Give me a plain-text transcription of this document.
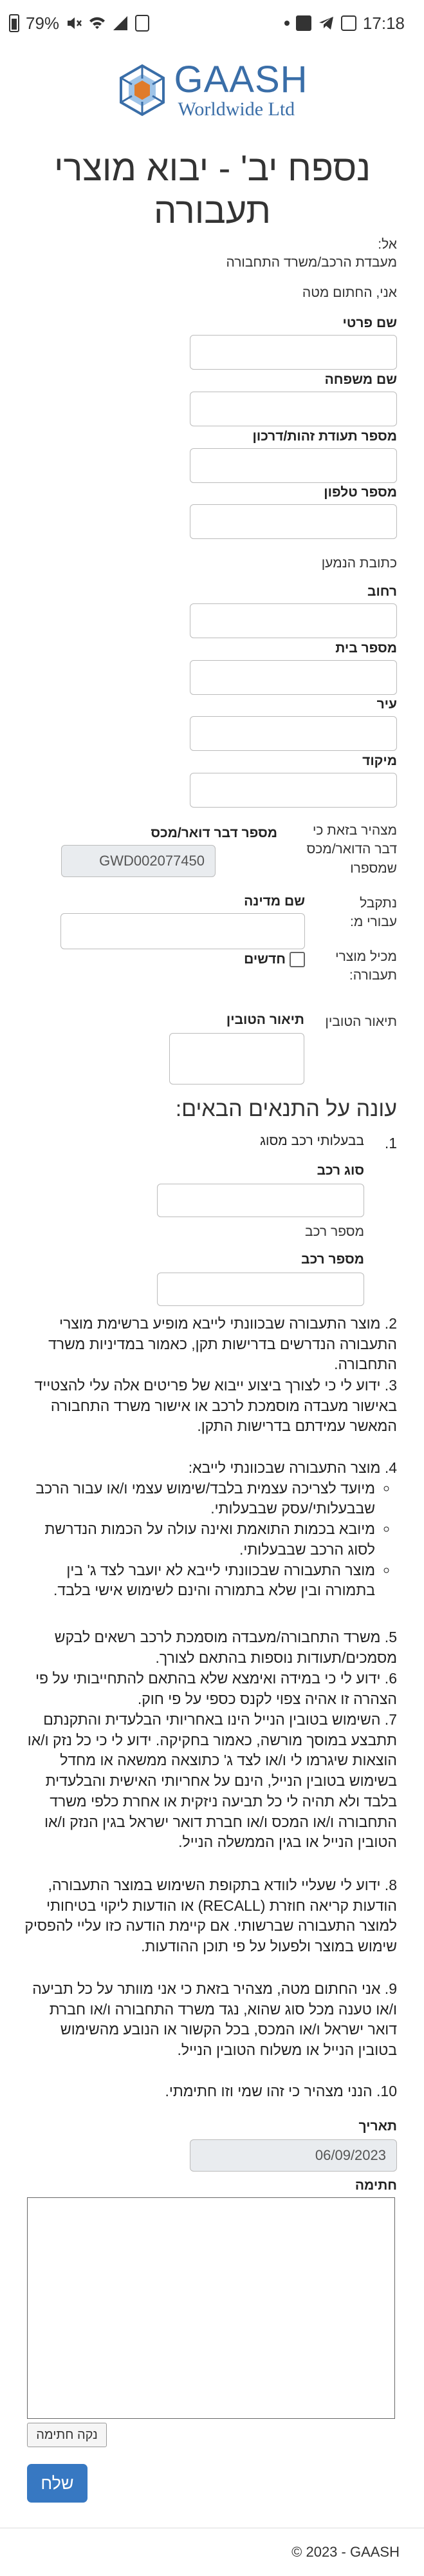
79%	17:18
GAASH
Worldwide Ltd
נספח יב' - יבוא מוצרי תעבורה
אל:
מעבדת הרכב/משרד התחבורה
אני, החתום מטה
שם פרטי
שם משפחה
מספר תעודת זהות/דרכון
מספר טלפון
כתובת הנמען
רחוב
מספר בית
עיר
מיקוד
מצהיר בזאת כי דבר הדואר/מכס שמספרו
מספר דבר דואר/מכס
GWD002077450
נתקבל עבורי מ:
שם מדינה
מכיל מוצרי תעבורה:
חדשים
תיאור הטובין
תיאור הטובין
עונה על התנאים הבאים:
1.
בבעלותי רכב מסוג
סוג רכב
מספר רכב
מספר רכב
2. מוצר התעבורה שבכוונתי לייבא מופיע ברשימת מוצרי התעבורה הנדרשים בדרישות תקן, כאמור במדיניות משרד התחבורה.
3. ידוע לי כי לצורך ביצוע ייבוא של פריטים אלה עלי להצטייד באישור מעבדה מוסמכת לרכב או אישור משרד התחבורה המאשר עמידתם בדרישות התקן.
4. מוצר התעבורה שבכוונתי לייבא:
◦ מיועד לצריכה עצמית בלבד/שימוש עצמי ו/או עבור הרכב שבבעלותי/עסק שבבעלותי.
◦ מיובא בכמות התואמת ואינה עולה על הכמות הנדרשת לסוג הרכב שבבעלותי.
◦ מוצר התעבורה שבכוונתי לייבא לא יועבר לצד ג' בין בתמורה ובין שלא בתמורה והינם לשימוש אישי בלבד.
5. משרד התחבורה/מעבדה מוסמכת לרכב רשאים לבקש מסמכים/תעודות נוספות בהתאם לצורך.
6. ידוע לי כי במידה ואימצא שלא בהתאם להתחייבותי על פי הצהרה זו אהיה צפוי לקנס כספי על פי חוק.
7. השימוש בטובין הנייל הינו באחריותי הבלעדית והתקנתם תתבצע במוסך מורשה, כאמור בחקיקה. ידוע לי כי כל נזק ו/או הוצאות שיגרמו לי ו/או לצד ג' כתוצאה ממשאה או מחדל בשימוש בטובין הנייל, הינם על אחריותי האישית והבלעדית בלבד ולא תהיה לי כל תביעה ניזקית או אחרת כלפי משרד התחבורה ו/או המכס ו/או חברת דואר ישראל בגין הנזק ו/או הטובין הנייל או בגין הממשלה הנייל.
8. ידוע לי שעליי לוודא בתקופת השימוש במוצר התעבורה, הודעות קריאה חוזרת (RECALL) או הודעות ליקוי בטיחותי למוצר התעבורה שברשותי. אם קיימת הודעה כזו עליי להפסיק שימוש במוצר ולפעול על פי תוכן ההודעות.
9. אני החתום מטה, מצהיר בזאת כי אני מוותר על כל תביעה ו/או טענה מכל סוג שהוא, נגד משרד התחבורה ו/או חברת דואר ישראל ו/או המכס, בכל הקשור או הנובע מהשימוש בטובין הנייל או משלוח הטובין הנייל.
10. הנני מצהיר כי זהו שמי וזו חתימתי.
תאריך
06/09/2023
חתימה
נקה חתימה
שלח
© 2023 - GAASH
